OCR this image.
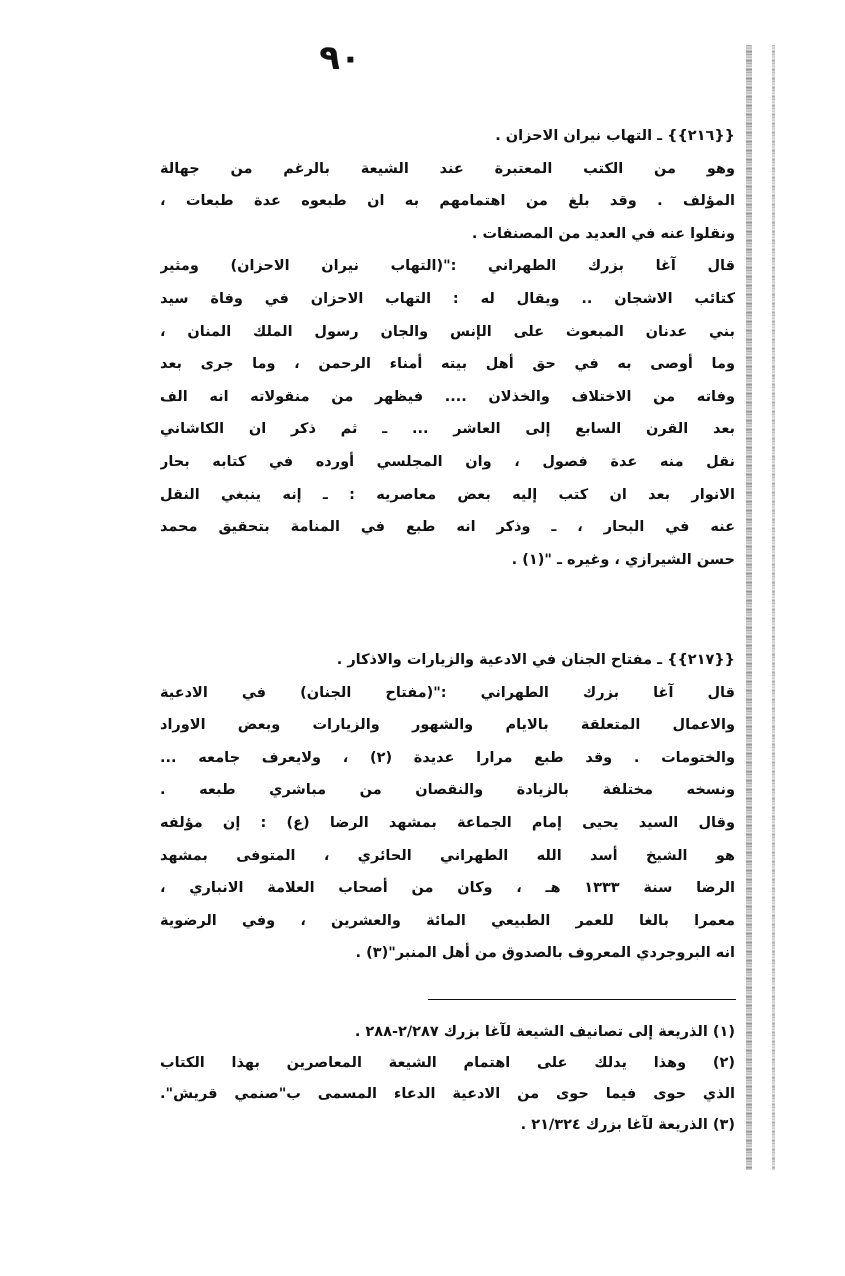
٩٠
{{٢١٦}} ـ التهاب نيران الاحزان .
وهو من الكتب المعتبرة عند الشيعة بالرغم من جهالة
المؤلف . وقد بلغ من اهتمامهم به ان طبعوه عدة طبعات ،
ونقلوا عنه في العديد من المصنفات .
قال آغا بزرك الطهراني :"(التهاب نيران الاحزان) ومثير
كتائب الاشجان .. ويقال له : التهاب الاحزان في وفاة سيد
بني عدنان المبعوث على الإنس والجان رسول الملك المنان ،
وما أوصى به في حق أهل بيته أمناء الرحمن ، وما جرى بعد
وفاته من الاختلاف والخذلان .... فيظهر من منقولاته انه الف
بعد القرن السابع إلى العاشر ... ـ ثم ذكر ان الكاشاني
نقل منه عدة فصول ، وان المجلسي أورده في كتابه بحار
الانوار بعد ان كتب إليه بعض معاصريه : ـ إنه ينبغي النقل
عنه في البحار ، ـ وذكر انه طبع في المنامة بتحقيق محمد
حسن الشيرازي ، وغيره ـ "(١) .
{{٢١٧}} ـ مفتاح الجنان في الادعية والزيارات والاذكار .
قال آغا بزرك الطهراني :"(مفتاح الجنان) في الادعية
والاعمال المتعلقة بالايام والشهور والزيارات وبعض الاوراد
والختومات . وقد طبع مرارا عديدة (٢) ، ولايعرف جامعه ...
ونسخه مختلفة بالزيادة والنقصان من مباشري طبعه .
وقال السيد يحيى إمام الجماعة بمشهد الرضا (ع) : إن مؤلفه
هو الشيخ أسد الله الطهراني الحائري ، المتوفى بمشهد
الرضا سنة ١٣٣٣ هـ ، وكان من أصحاب العلامة الانباري ،
معمرا بالغا للعمر الطبيعي المائة والعشرين ، وفي الرضوية
انه البروجردي المعروف بالصدوق من أهل المنبر"(٣) .
(١) الذريعة إلى تصانيف الشيعة لآغا بزرك ٢/٢٨٧-٢٨٨ .
(٢) وهذا يدلك على اهتمام الشيعة المعاصرين بهذا الكتاب
الذي حوى فيما حوى من الادعية الدعاء المسمى ب"صنمي قريش".
(٣) الذريعة لآغا بزرك ٢١/٣٢٤ .
